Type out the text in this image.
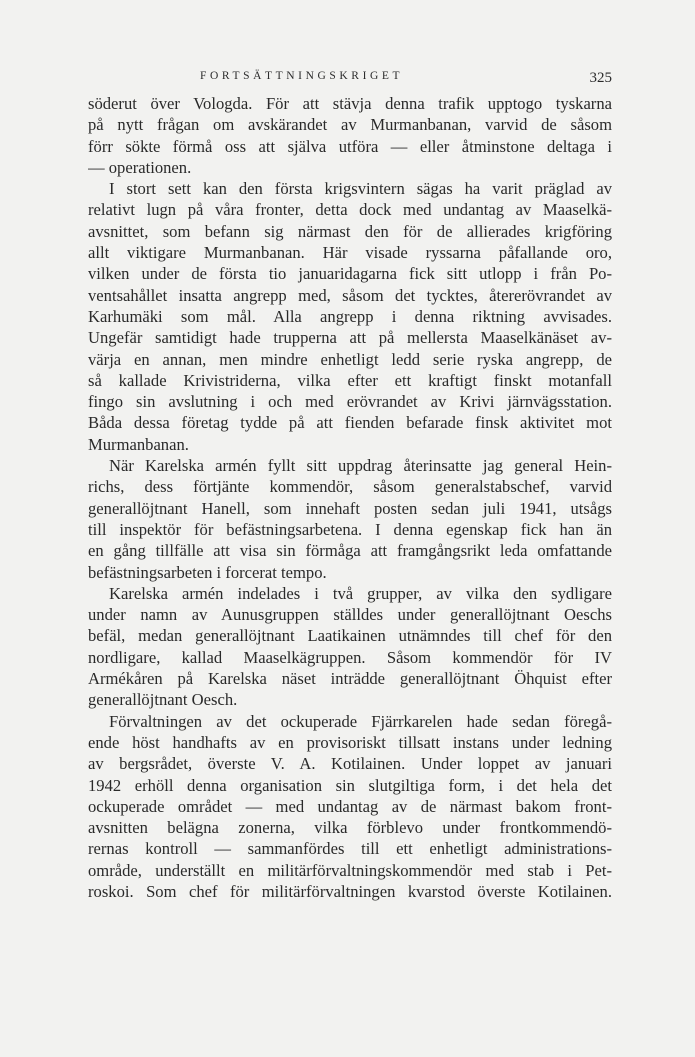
FORTSÄTTNINGSKRIGET	325

söderut över Vologda. För att stävja denna trafik upptogo tyskarna
på nytt frågan om avskärandet av Murmanbanan, varvid de såsom
förr sökte förmå oss att själva utföra — eller åtminstone deltaga i
— operationen.

I stort sett kan den första krigsvintern sägas ha varit präglad av
relativt lugn på våra fronter, detta dock med undantag av Maaselkä-
avsnittet, som befann sig närmast den för de allierades krigföring
allt viktigare Murmanbanan. Här visade ryssarna påfallande oro,
vilken under de första tio januaridagarna fick sitt utlopp i från Po-
ventsahållet insatta angrepp med, såsom det tycktes, återerövrandet av
Karhumäki som mål. Alla angrepp i denna riktning avvisades.
Ungefär samtidigt hade trupperna att på mellersta Maaselkänäset av-
värja en annan, men mindre enhetligt ledd serie ryska angrepp, de
så kallade Krivistriderna, vilka efter ett kraftigt finskt motanfall
fingo sin avslutning i och med erövrandet av Krivi järnvägsstation.
Båda dessa företag tydde på att fienden befarade finsk aktivitet mot
Murmanbanan.

När Karelska armén fyllt sitt uppdrag återinsatte jag general Hein-
richs, dess förtjänte kommendör, såsom generalstabschef, varvid
generallöjtnant Hanell, som innehaft posten sedan juli 1941, utsågs
till inspektör för befästningsarbetena. I denna egenskap fick han än
en gång tillfälle att visa sin förmåga att framgångsrikt leda omfattande
befästningsarbeten i forcerat tempo.

Karelska armén indelades i två grupper, av vilka den sydligare
under namn av Aunusgruppen ställdes under generallöjtnant Oeschs
befäl, medan generallöjtnant Laatikainen utnämndes till chef för den
nordligare, kallad Maaselkägruppen. Såsom kommendör för IV
Armékåren på Karelska näset inträdde generallöjtnant Öhquist efter
generallöjtnant Oesch.

Förvaltningen av det ockuperade Fjärrkarelen hade sedan föregå-
ende höst handhafts av en provisoriskt tillsatt instans under ledning
av bergsrådet, överste V. A. Kotilainen. Under loppet av januari
1942 erhöll denna organisation sin slutgiltiga form, i det hela det
ockuperade området — med undantag av de närmast bakom front-
avsnitten belägna zonerna, vilka förblevo under frontkommendö-
rernas kontroll — sammanfördes till ett enhetligt administrations-
område, underställt en militärförvaltningskommendör med stab i Pet-
roskoi. Som chef för militärförvaltningen kvarstod överste Kotilainen.
